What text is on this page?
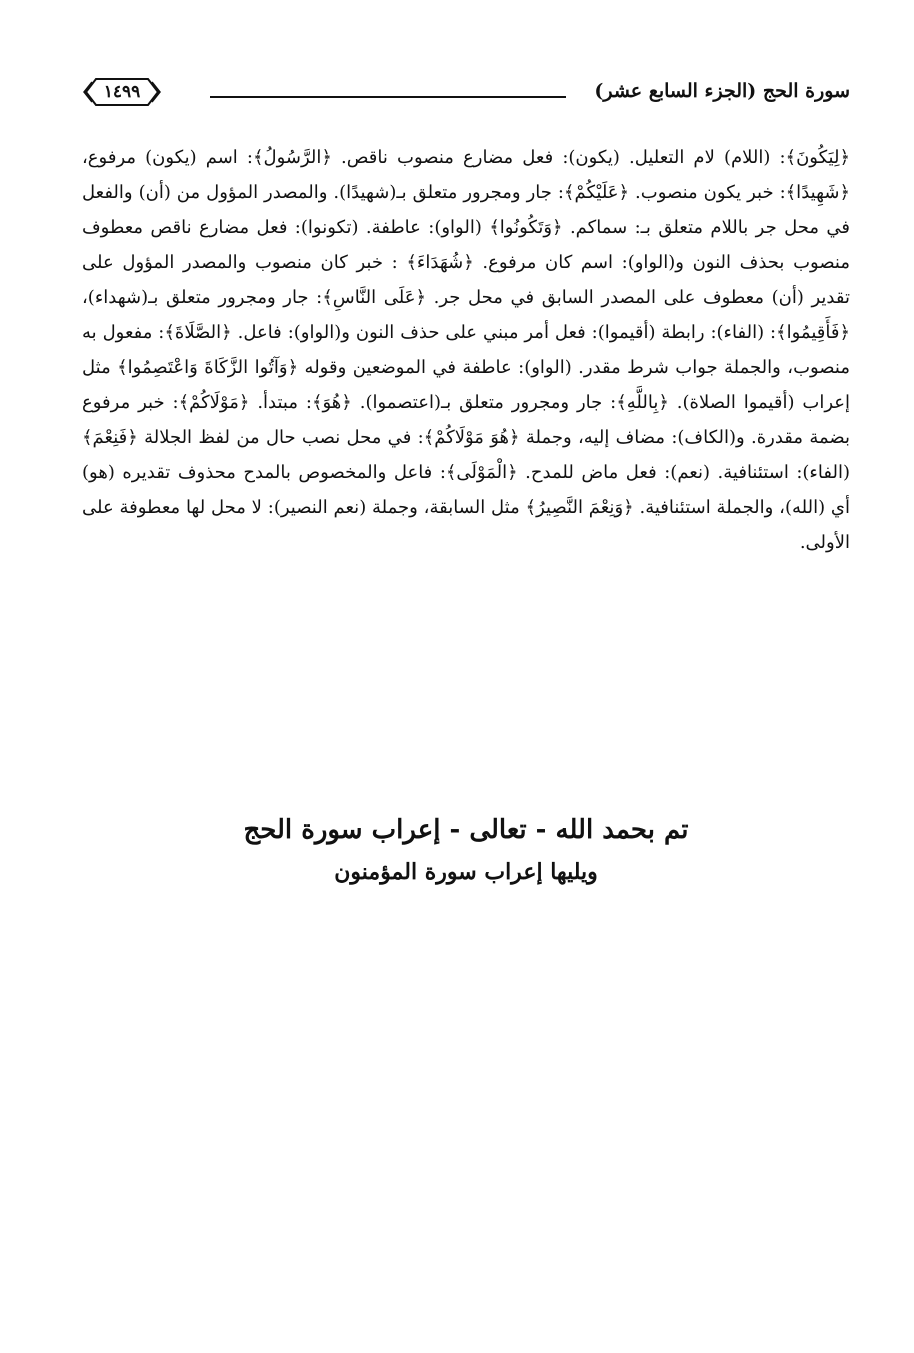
سورة الحج (الجزء السابع عشر)
١٤٩٩
﴿لِيَكُونَ﴾: (اللام) لام التعليل. (يكون): فعل مضارع منصوب ناقص. ﴿الرَّسُولُ﴾: اسم (يكون) مرفوع، ﴿شَهِيدًا﴾: خبر يكون منصوب. ﴿عَلَيْكُمْ﴾: جار ومجرور متعلق بـ(شهيدًا). والمصدر المؤول من (أن) والفعل في محل جر باللام متعلق بـ: سماكم. ﴿وَتَكُونُوا﴾ (الواو): عاطفة. (تكونوا): فعل مضارع ناقص معطوف منصوب بحذف النون و(الواو): اسم كان مرفوع. ﴿شُهَدَاءَ﴾ : خبر كان منصوب والمصدر المؤول على تقدير (أن) معطوف على المصدر السابق في محل جر. ﴿عَلَى النَّاسِ﴾: جار ومجرور متعلق بـ(شهداء)، ﴿فَأَقِيمُوا﴾: (الفاء): رابطة (أقيموا): فعل أمر مبني على حذف النون و(الواو): فاعل. ﴿الصَّلَاةَ﴾: مفعول به منصوب، والجملة جواب شرط مقدر. (الواو): عاطفة في الموضعين وقوله ﴿وَآتُوا الزَّكَاةَ وَاعْتَصِمُوا﴾ مثل إعراب (أقيموا الصلاة). ﴿بِاللَّهِ﴾: جار ومجرور متعلق بـ(اعتصموا). ﴿هُوَ﴾: مبتدأ. ﴿مَوْلَاكُمْ﴾: خبر مرفوع بضمة مقدرة. و(الكاف): مضاف إليه، وجملة ﴿هُوَ مَوْلَاكُمْ﴾: في محل نصب حال من لفظ الجلالة ﴿فَنِعْمَ﴾ (الفاء): استئنافية. (نعم): فعل ماض للمدح. ﴿الْمَوْلَى﴾: فاعل والمخصوص بالمدح محذوف تقديره (هو) أي (الله)، والجملة استئنافية. ﴿وَنِعْمَ النَّصِيرُ﴾ مثل السابقة، وجملة (نعم النصير): لا محل لها معطوفة على الأولى.
تم بحمد الله - تعالى - إعراب سورة الحج
ويليها إعراب سورة المؤمنون
